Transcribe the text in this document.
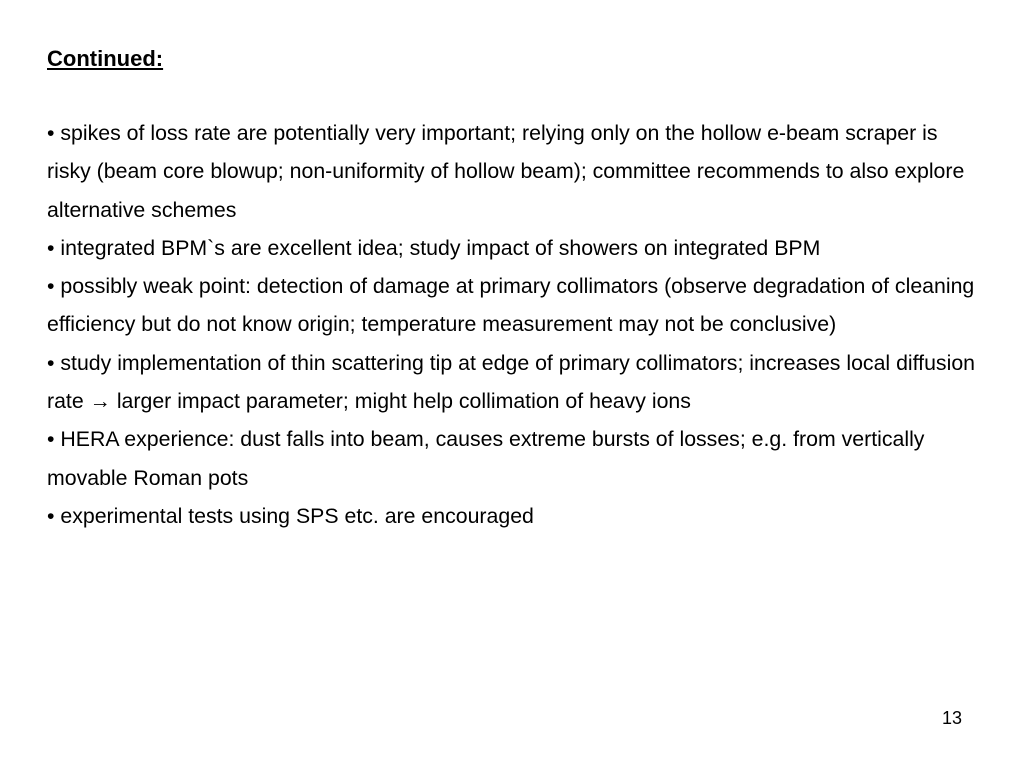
Continued:
• spikes of loss rate are potentially very important; relying only on the hollow e-beam scraper is risky (beam core blowup; non-uniformity of hollow beam); committee recommends to also explore alternative schemes
• integrated BPM`s are excellent idea; study impact of showers on integrated BPM
• possibly weak point: detection of damage at primary collimators (observe degradation of cleaning efficiency but do not know origin; temperature measurement may not be conclusive)
• study implementation of thin scattering tip at edge of primary collimators; increases local diffusion rate → larger impact parameter; might help collimation of heavy ions
• HERA experience: dust falls into beam, causes extreme bursts of losses; e.g. from vertically movable Roman pots
• experimental tests using SPS etc. are encouraged
13
